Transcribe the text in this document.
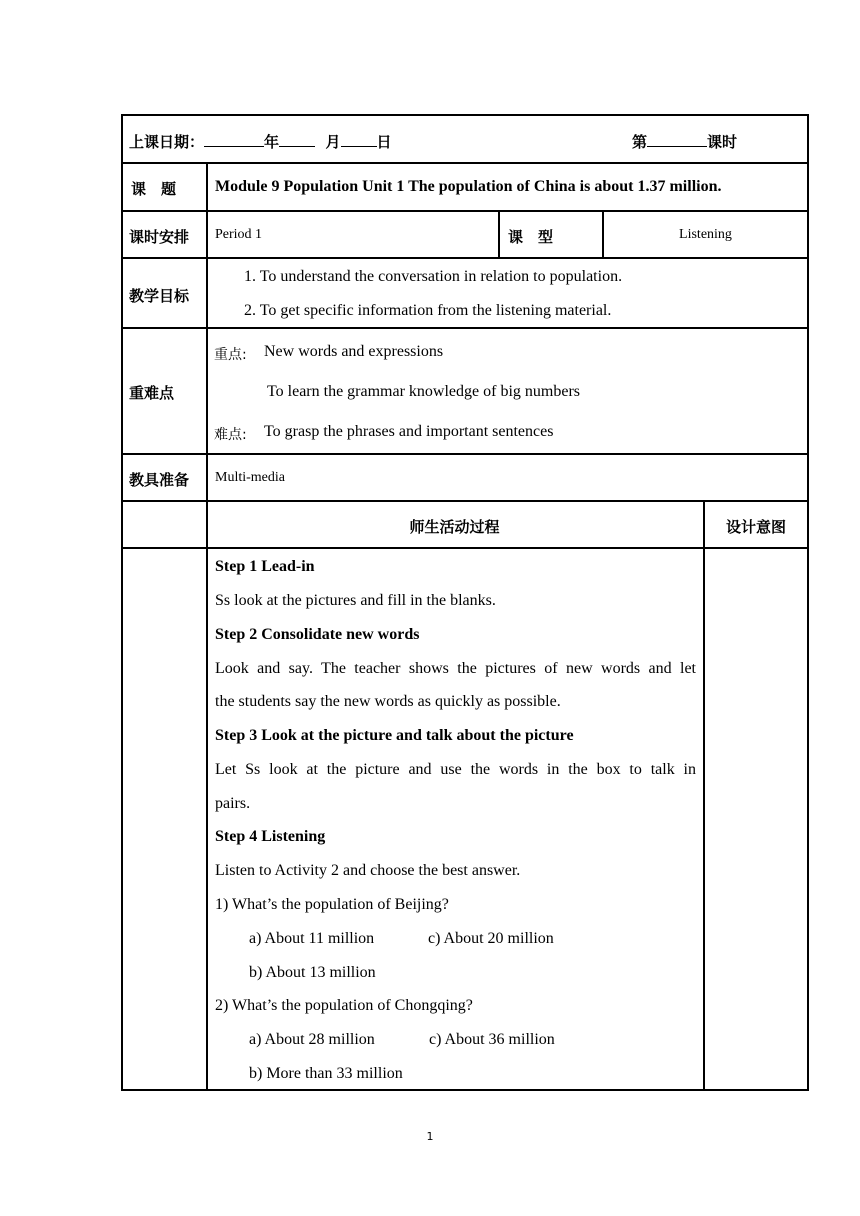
上课日期：	年	月 日	第	课时
课　题 Module 9 Population Unit 1 The population of China is about 1.37 million.
课时安排 Period 1	课　型	Listening
教学目标
1. To understand the conversation in relation to population.
2. To get specific information from the listening material.
重难点
重点: New words and expressions
To learn the grammar knowledge of big numbers
难点: To grasp the phrases and important sentences
教具准备 Multi-media
师生活动过程	设计意图
Step 1 Lead-in
Ss look at the pictures and fill in the blanks.
Step 2 Consolidate new words
Look and say. The teacher shows the pictures of new words and let
the students say the new words as quickly as possible.
Step 3 Look at the picture and talk about the picture
Let Ss look at the picture and use the words in the box to talk in
pairs.
Step 4 Listening
Listen to Activity 2 and choose the best answer.
1) What’s the population of Beijing?
a) About 11 million	c) About 20 million
b) About 13 million
2) What’s the population of Chongqing?
a) About 28 million	c) About 36 million
b) More than 33 million
1
